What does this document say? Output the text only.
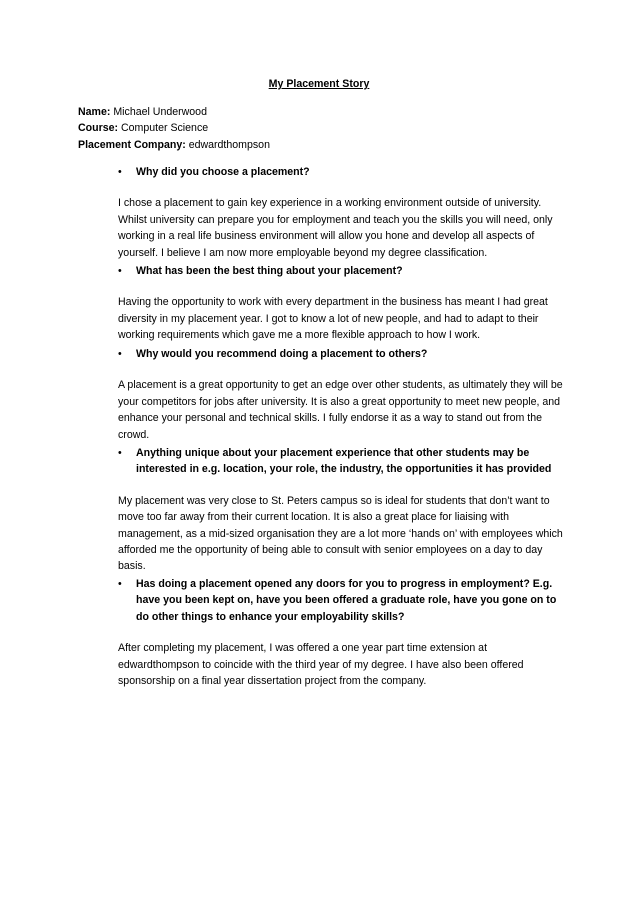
My Placement Story
Name: Michael Underwood
Course: Computer Science
Placement Company: edwardthompson
• Why did you choose a placement?
I chose a placement to gain key experience in a working environment outside of university. Whilst university can prepare you for employment and teach you the skills you will need, only working in a real life business environment will allow you hone and develop all aspects of yourself. I believe I am now more employable beyond my degree classification.
• What has been the best thing about your placement?
Having the opportunity to work with every department in the business has meant I had great diversity in my placement year. I got to know a lot of new people, and had to adapt to their working requirements which gave me a more flexible approach to how I work.
• Why would you recommend doing a placement to others?
A placement is a great opportunity to get an edge over other students, as ultimately they will be your competitors for jobs after university. It is also a great opportunity to meet new people, and enhance your personal and technical skills. I fully endorse it as a way to stand out from the crowd.
• Anything unique about your placement experience that other students may be interested in e.g. location, your role, the industry, the opportunities it has provided
My placement was very close to St. Peters campus so is ideal for students that don’t want to move too far away from their current location. It is also a great place for liaising with management, as a mid-sized organisation they are a lot more ‘hands on’ with employees which afforded me the opportunity of being able to consult with senior employees on a day to day basis.
• Has doing a placement opened any doors for you to progress in employment? E.g. have you been kept on, have you been offered a graduate role, have you gone on to do other things to enhance your employability skills?
After completing my placement, I was offered a one year part time extension at edwardthompson to coincide with the third year of my degree. I have also been offered sponsorship on a final year dissertation project from the company.
